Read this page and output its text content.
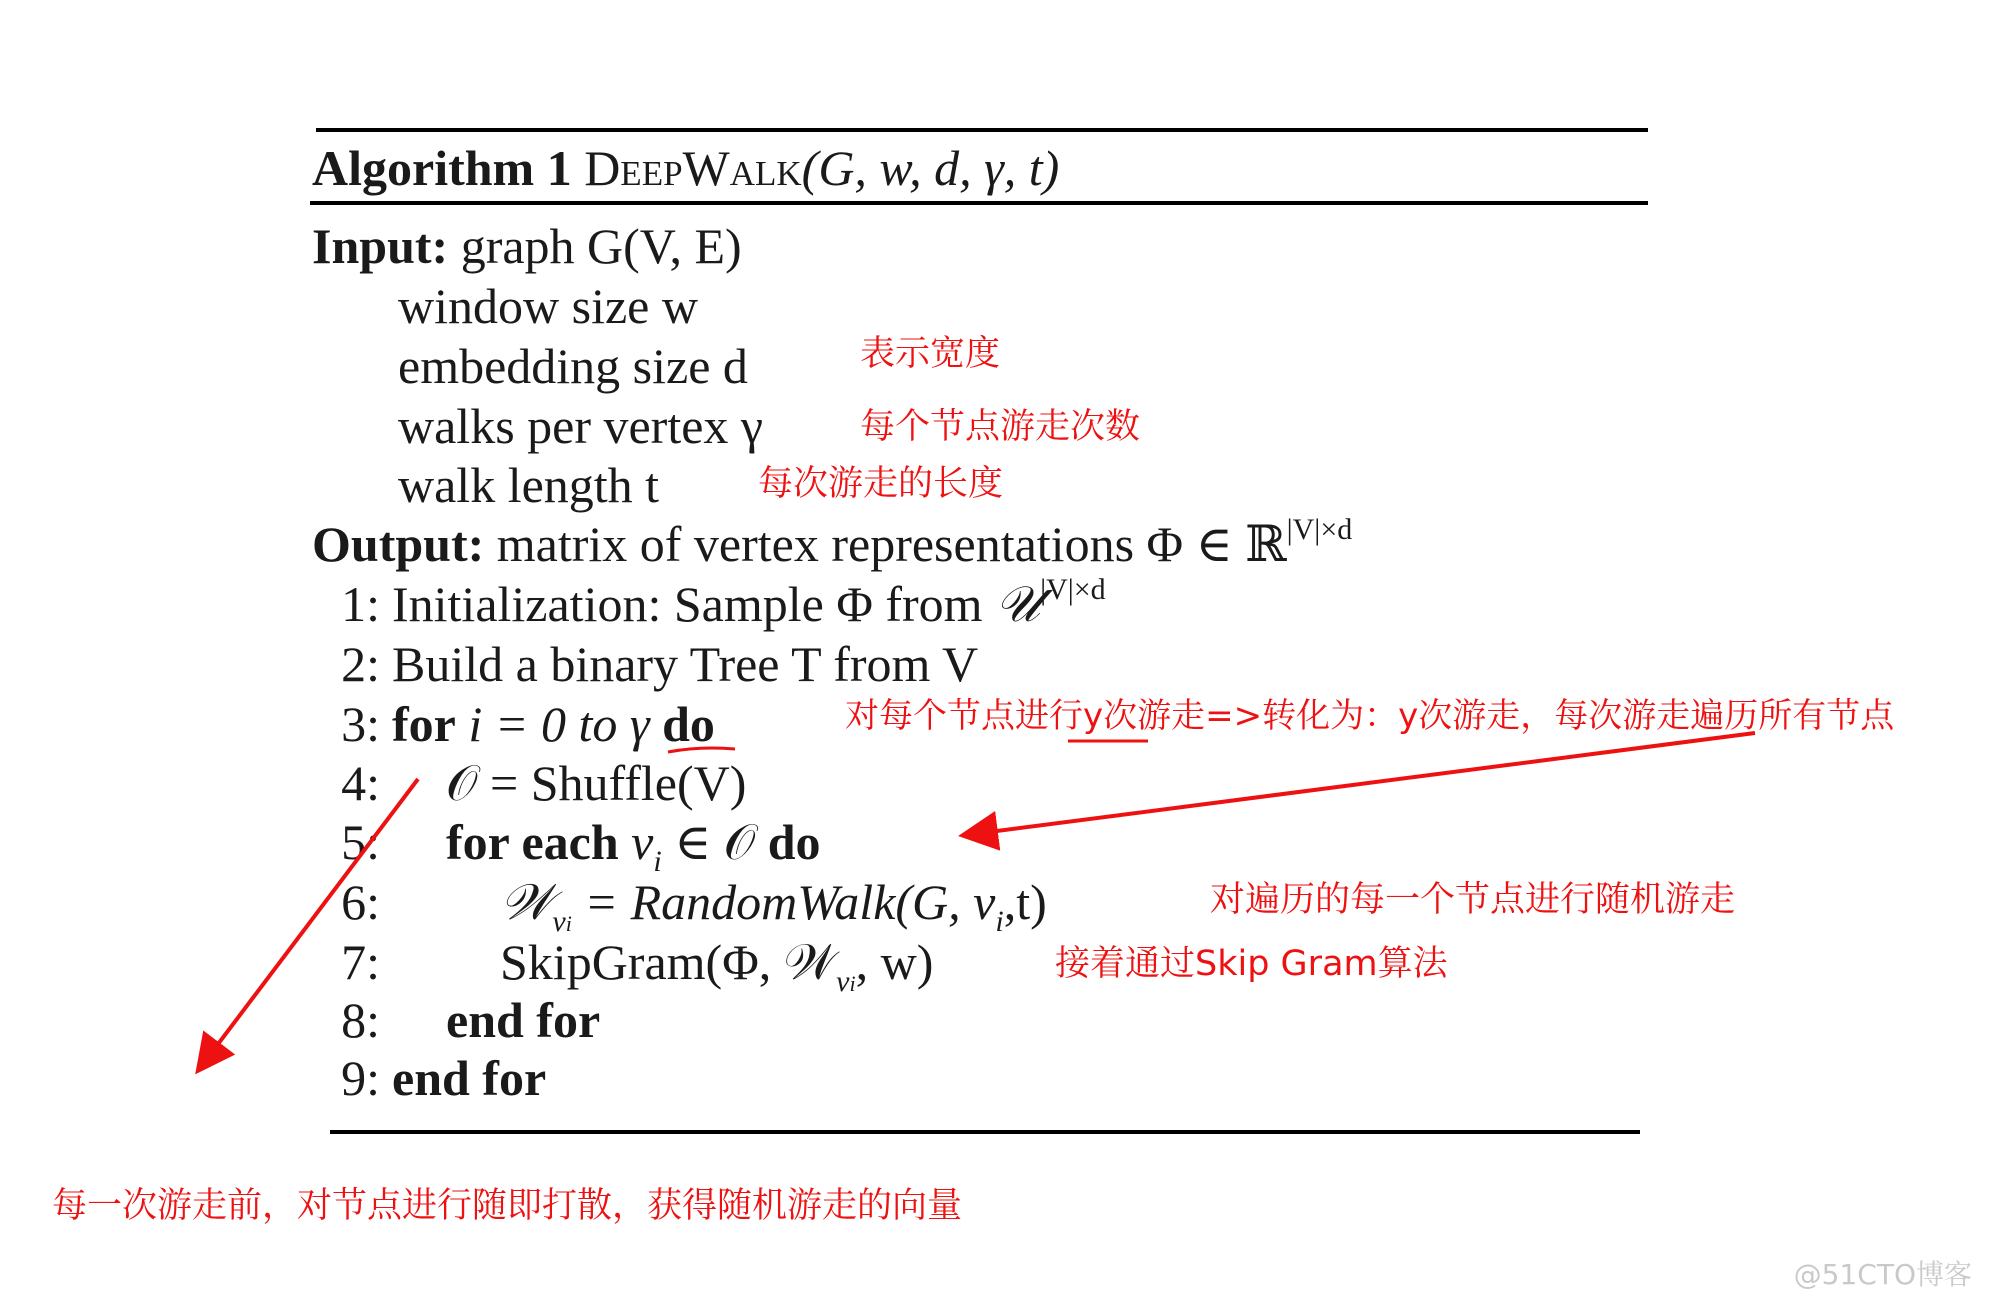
Algorithm 1 DeepWalk(G, w, d, γ, t)
Input: graph G(V, E)
window size w
embedding size d
walks per vertex γ
walk length t
Output: matrix of vertex representations Φ ∈ ℝ$^{|V|\times d}$
1: Initialization: Sample Φ from 𝒰$^{|V|\times d}$
2: Build a binary Tree T from V
3: for i = 0 to γ do
4: 𝒪 = Shuffle(V)
5: for each $v_i$ ∈ 𝒪 do
6: 𝒲$_{vi}$ = RandomWalk(G, $v_i,t$)
7: SkipGram(Φ, 𝒲$_{vi}$, w)
8: end for
9: end for
表示宽度
每个节点游走次数
每次游走的长度
对每个节点进行y次游走=>转化为：y次游走，每次游走遍历所有节点
对遍历的每一个节点进行随机游走
接着通过Skip Gram算法
每一次游走前，对节点进行随即打散，获得随机游走的向量
@51CTO博客
